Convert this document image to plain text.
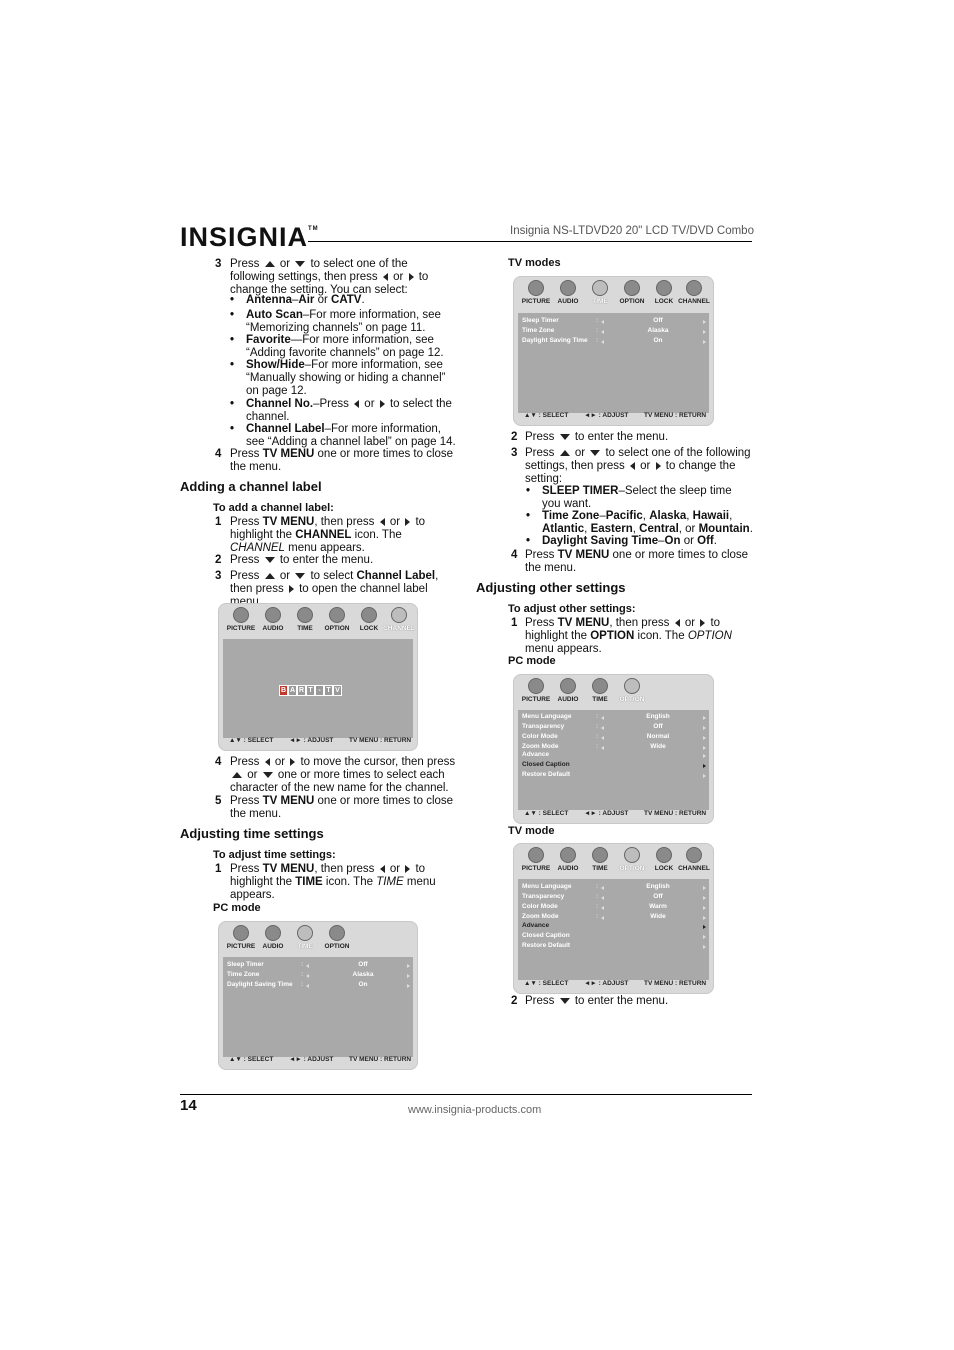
INSIGNIA™	Insignia NS-LTDVD20 20" LCD TV/DVD Combo
14	www.insignia-products.com
3 Press or to select one of the following settings, then press or to change the setting. You can select:
• Antenna–Air or CATV.
• Auto Scan–For more information, see “Memorizing channels” on page 11.
• Favorite—For more information, see “Adding favorite channels” on page 12.
• Show/Hide–For more information, see “Manually showing or hiding a channel” on page 12.
• Channel No.–Press or to select the channel.
• Channel Label–For more information, see “Adding a channel label” on page 14.
4 Press TV MENU one or more times to close the menu.
Adding a channel label
To add a channel label:
1 Press TV MENU, then press or to highlight the CHANNEL icon. The CHANNEL menu appears.
2 Press to enter the menu.
3 Press or to select Channel Label, then press to open the channel label
PICTURE	AUDIO	TIME	OPTION	LOCK CHANNEL
B A R T - T V
▲▼ : SELECT ◄► : ADJUST TV MENU : RETURN
4 Press or to move the cursor, then press  or one or more times to select each character of the new name for the channel.
5 Press TV MENU one or more times to close the menu.
Adjusting time settings
To adjust time settings:
1 Press TV MENU, then press or to highlight the TIME icon. The TIME menu appears.
PC mode
PICTURE	AUDIO	TIME	OPTION
Sleep Timer	:	Off
Time Zone	:	Alaska
Daylight Saving Time :	On
▲▼ : SELECT ◄► : ADJUST TV MENU : RETURN
TV modes
PICTURE	AUDIO	TIME	OPTION	LOCK CHANNEL
Sleep Timer	:	Off
Time Zone	:	Alaska
Daylight Saving Time :	On
▲▼ : SELECT ◄► : ADJUST TV MENU : RETURN
2 Press to enter the menu.
3 Press or to select one of the following settings, then press or to change the setting:
• SLEEP TIMER–Select the sleep time you want.
• Time Zone–Pacific, Alaska, Hawaii, Atlantic, Eastern, Central, or Mountain.
• Daylight Saving Time–On or Off.
4 Press TV MENU one or more times to close the menu.
Adjusting other settings
To adjust other settings:
1 Press TV MENU, then press or to highlight the OPTION icon. The OPTION menu appears.
PC mode
PICTURE	AUDIO	TIME	OPTION
Menu Language	:	English
Transparency	:	Off
Color Mode	:	Normal
Zoom Mode	:	Wide
Advance
Closed Caption
Restore Default
▲▼ : SELECT ◄► : ADJUST TV MENU : RETURN
TV mode
PICTURE	AUDIO	TIME	OPTION	LOCK CHANNEL
Menu Language	:	English
Transparency	:	Off
Color Mode	:	Warm
Zoom Mode	:	Wide
Advance
Closed Caption
Restore Default
▲▼ : SELECT ◄► : ADJUST TV MENU : RETURN
2 Press to enter the menu.
